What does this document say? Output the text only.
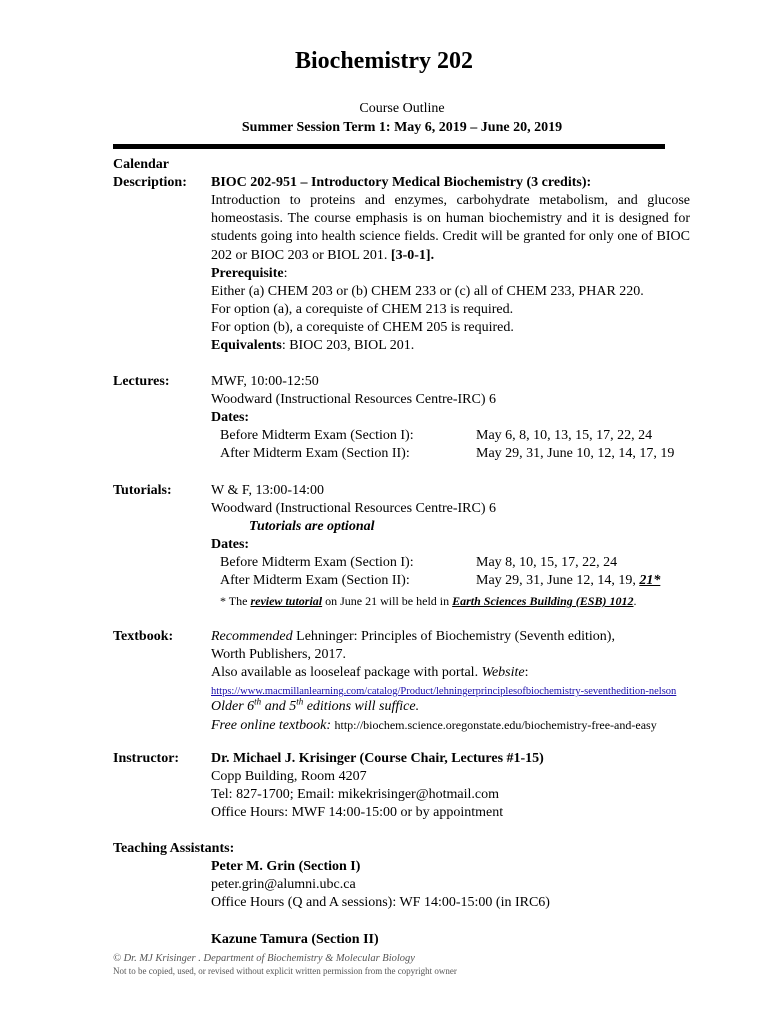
Biochemistry 202
Course Outline
Summer Session Term 1: May 6, 2019 – June 20, 2019
Calendar
Description: BIOC 202-951 – Introductory Medical Biochemistry (3 credits):
Introduction to proteins and enzymes, carbohydrate metabolism, and glucose homeostasis. The course emphasis is on human biochemistry and it is designed for students going into health science fields. Credit will be granted for only one of BIOC 202 or BIOC 203 or BIOL 201. [3-0-1].
Prerequisite:
Either (a) CHEM 203 or (b) CHEM 233 or (c) all of CHEM 233, PHAR 220.
For option (a), a corequiste of CHEM 213 is required.
For option (b), a corequiste of CHEM 205 is required.
Equivalents: BIOC 203, BIOL 201.
Lectures:	MWF, 10:00-12:50
Woodward (Instructional Resources Centre-IRC) 6
Dates:
Before Midterm Exam (Section I):	May 6, 8, 10, 13, 15, 17, 22, 24
After Midterm Exam (Section II):	May 29, 31, June 10, 12, 14, 17, 19
Tutorials:	W & F, 13:00-14:00
Woodward (Instructional Resources Centre-IRC) 6
Tutorials are optional
Dates:
Before Midterm Exam (Section I):	May 8, 10, 15, 17, 22, 24
After Midterm Exam (Section II):	May 29, 31, June 12, 14, 19, 21*
* The review tutorial on June 21 will be held in Earth Sciences Building (ESB) 1012.
Textbook:	Recommended Lehninger: Principles of Biochemistry (Seventh edition),
Worth Publishers, 2017.
Also available as looseleaf package with portal. Website:
https://www.macmillanlearning.com/catalog/Product/lehningerprinciplesofbiochemistry-seventhedition-nelson
Older 6th and 5th editions will suffice.
Free online textbook: http://biochem.science.oregonstate.edu/biochemistry-free-and-easy
Instructor: Dr. Michael J. Krisinger (Course Chair, Lectures #1-15)
Copp Building, Room 4207
Tel: 827-1700; Email: mikekrisinger@hotmail.com
Office Hours: MWF 14:00-15:00 or by appointment
Teaching Assistants:
Peter M. Grin (Section I)
peter.grin@alumni.ubc.ca
Office Hours (Q and A sessions): WF 14:00-15:00 (in IRC6)
Kazune Tamura (Section II)
© Dr. MJ Krisinger . Department of Biochemistry & Molecular Biology
Not to be copied, used, or revised without explicit written permission from the copyright owner
